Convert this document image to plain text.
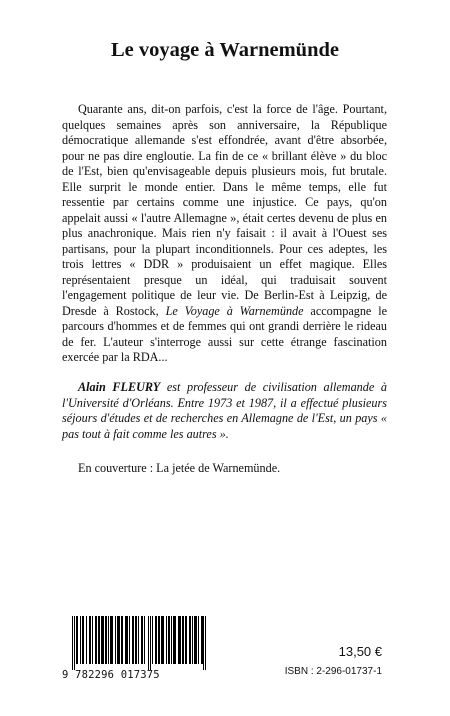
Le voyage à Warnemünde

Quarante ans, dit-on parfois, c'est la force de l'âge. Pourtant, quelques semaines après son anniversaire, la République démocratique allemande s'est effondrée, avant d'être absorbée, pour ne pas dire engloutie. La fin de ce « brillant élève » du bloc de l'Est, bien qu'envisageable depuis plusieurs mois, fut brutale. Elle surprit le monde entier. Dans le même temps, elle fut ressentie par certains comme une injustice. Ce pays, qu'on appelait aussi « l'autre Allemagne », était certes devenu de plus en plus anachronique. Mais rien n'y faisait : il avait à l'Ouest ses partisans, pour la plupart inconditionnels. Pour ces adeptes, les trois lettres « DDR » produisaient un effet magique. Elles représentaient presque un idéal, qui traduisait souvent l'engagement politique de leur vie. De Berlin-Est à Leipzig, de Dresde à Rostock, Le Voyage à Warnemünde accompagne le parcours d'hommes et de femmes qui ont grandi derrière le rideau de fer. L'auteur s'interroge aussi sur cette étrange fascination exercée par la RDA...

Alain FLEURY est professeur de civilisation allemande à l'Université d'Orléans. Entre 1973 et 1987, il a effectué plusieurs séjours d'études et de recherches en Allemagne de l'Est, un pays « pas tout à fait comme les autres ».

En couverture : La jetée de Warnemünde.

9 782296 017375
13,50 €
ISBN : 2-296-01737-1
